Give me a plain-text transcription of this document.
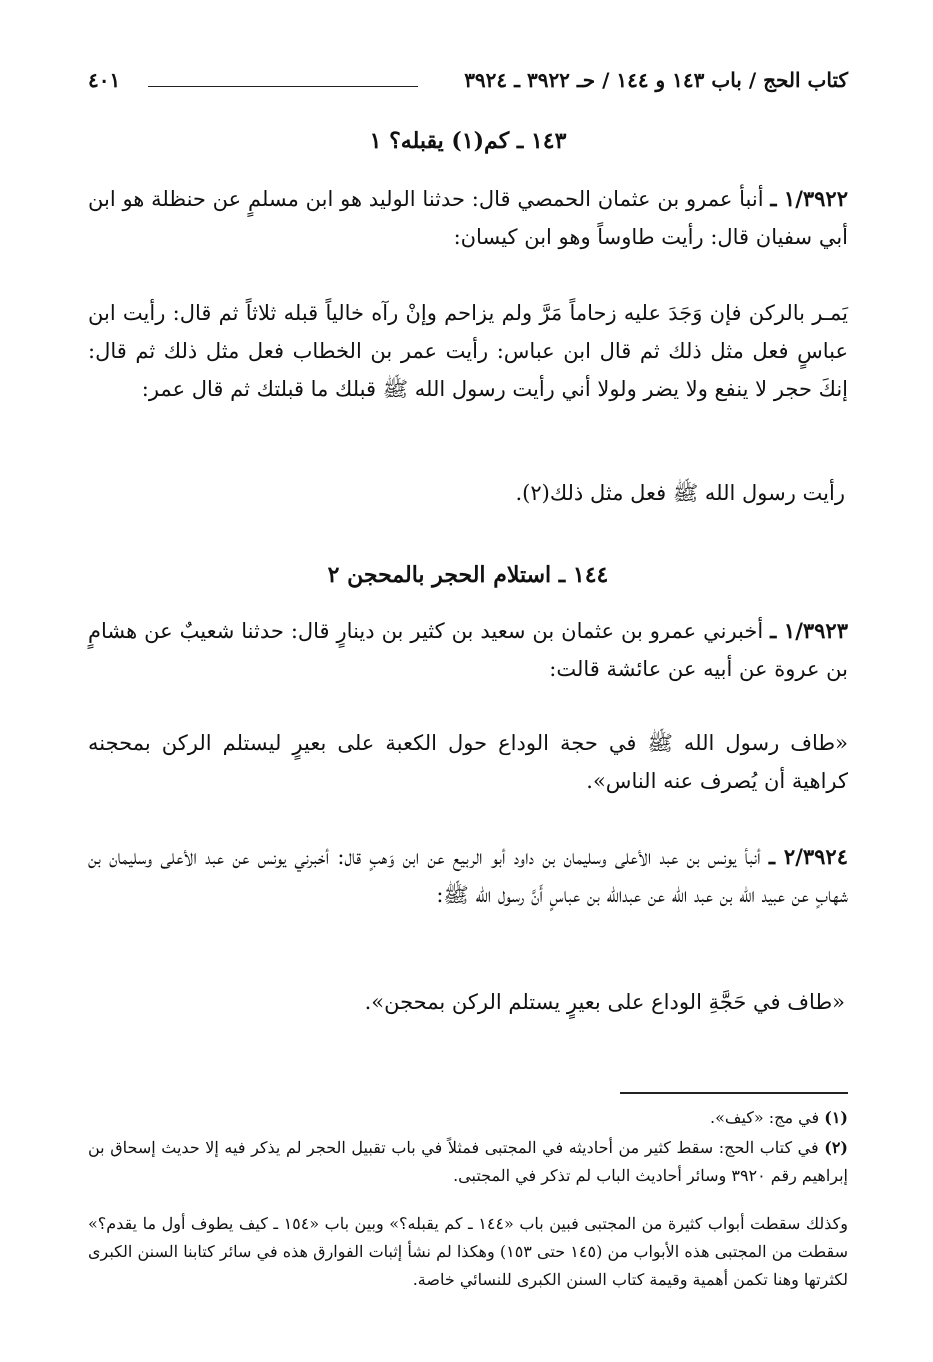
كتاب الحج / باب ١٤٣ و ١٤٤ / حـ ٣٩٢٢ ـ ٣٩٢٤
٤٠١
١٤٣ ـ كم(١) يقبله؟ ١
١/٣٩٢٢ ـ أنبأ عمرو بن عثمان الحمصي قال: حدثنا الوليد هو ابن مسلمٍ عن حنظلة هو ابن أبي سفيان قال: رأيت طاوساً وهو ابن كيسان:
يَمـر بالركن فإن وَجَدَ عليه زحاماً مَرَّ ولم يزاحم وإنْ رآه خالياً قبله ثلاثاً ثم قال: رأيت ابن عباسٍ فعل مثل ذلك ثم قال ابن عباس: رأيت عمر بن الخطاب فعل مثل ذلك ثم قال: إنكَ حجر لا ينفع ولا يضر ولولا أني رأيت رسول الله ﷺ قبلك ما قبلتك ثم قال عمر:
رأيت رسول الله ﷺ فعل مثل ذلك(٢).
١٤٤ ـ استلام الحجر بالمحجن ٢
١/٣٩٢٣ ـ أخبرني عمرو بن عثمان بن سعيد بن كثير بن دينارٍ قال: حدثنا شعيبٌ عن هشامٍ بن عروة عن أبيه عن عائشة قالت:
«طاف رسول الله ﷺ في حجة الوداع حول الكعبة على بعيرٍ ليستلم الركن بمحجنه كراهية أن يُصرف عنه الناس».
٢/٣٩٢٤ ـ أنبأ يونس بن عبد الأعلى وسليمان بن داود أبو الربيع عن ابن وَهبٍ قال: أخبرني يونس عن عبد الأعلى وسليمان بن شهابٍ عن عبيد الله بن عبد الله عن عبدالله بن عباسٍ أَنَّ رسول الله ﷺ:
«طاف في حَجَّةِ الوداع على بعيرٍ يستلم الركن بمحجن».
(١) في مج: «كيف».
(٢) في كتاب الحج: سقط كثير من أحاديثه في المجتبى فمثلاً في باب تقبيل الحجر لم يذكر فيه إلا حديث إسحاق بن إبراهيم رقم ٣٩٢٠ وسائر أحاديث الباب لم تذكر في المجتبى.
وكذلك سقطت أبواب كثيرة من المجتبى فبين باب «١٤٤ ـ كم يقبله؟» وبين باب «١٥٤ ـ كيف يطوف أول ما يقدم؟» سقطت من المجتبى هذه الأبواب من (١٤٥ حتى ١٥٣) وهكذا لم نشأ إثبات الفوارق هذه في سائر كتابنا السنن الكبرى لكثرتها وهنا تكمن أهمية وقيمة كتاب السنن الكبرى للنسائي خاصة.
